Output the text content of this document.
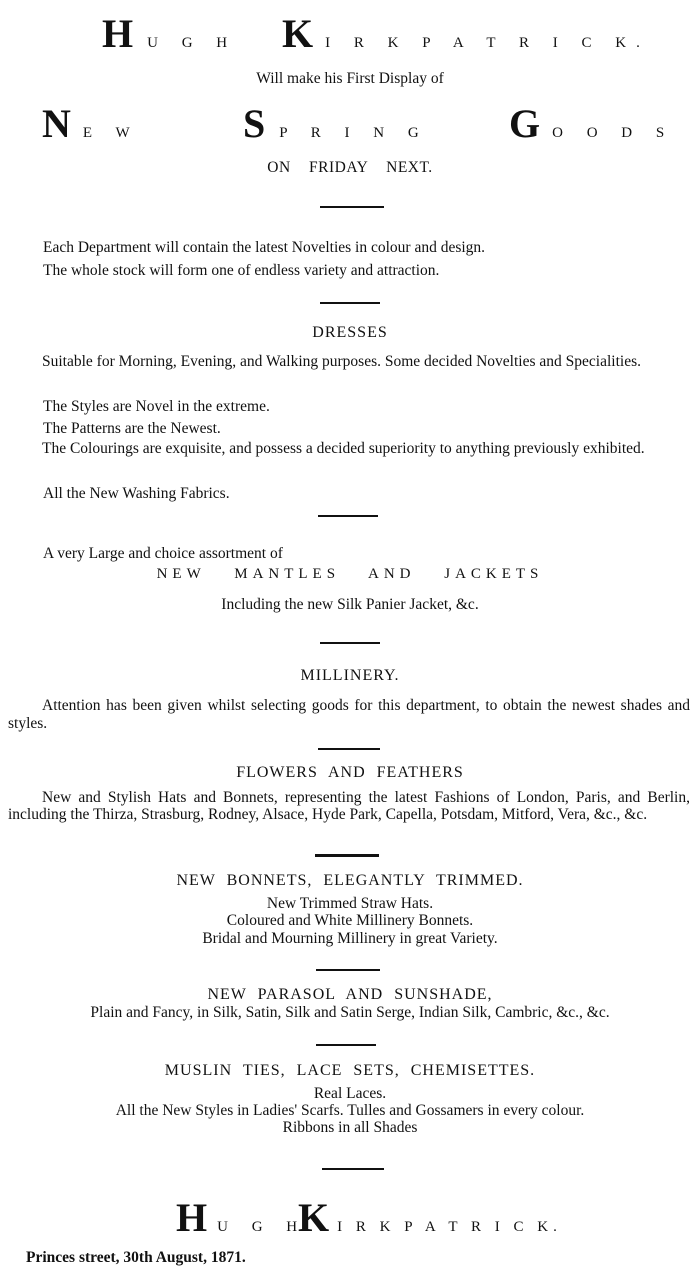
H U G H K I R K P A T R I C K.
Will make his First Display of
N E W	S P R I N G G O O D S
ON FRIDAY NEXT.
Each Department will contain the latest Novelties in colour and design.
The whole stock will form one of endless variety and attraction.
DRESSES
Suitable for Morning, Evening, and Walking purposes. Some decided Novelties and Specialities.
The Styles are Novel in the extreme.
The Patterns are the Newest.
The Colourings are exquisite, and possess a decided superiority to anything previously exhibited.
All the New Washing Fabrics.
A very Large and choice assortment of
NEW MANTLES AND JACKETS
Including the new Silk Panier Jacket, &c.
MILLINERY.
Attention has been given whilst selecting goods for this department, to obtain the newest shades and styles.
FLOWERS AND FEATHERS
New and Stylish Hats and Bonnets, representing the latest Fashions of London, Paris, and Berlin, including the Thirza, Strasburg, Rodney, Alsace, Hyde Park, Capella, Potsdam, Mitford, Vera, &c., &c.
NEW BONNETS, ELEGANTLY TRIMMED.
New Trimmed Straw Hats.
Coloured and White Millinery Bonnets.
Bridal and Mourning Millinery in great Variety.
NEW PARASOL AND SUNSHADE,
Plain and Fancy, in Silk, Satin, Silk and Satin Serge, Indian Silk, Cambric, &c., &c.
MUSLIN TIES, LACE SETS, CHEMISETTES.
Real Laces.
All the New Styles in Ladies' Scarfs. Tulles and Gossamers in every colour.
Ribbons in all Shades
H U G H
K I R K P A T R I C K.
Princes street, 30th August, 1871.
